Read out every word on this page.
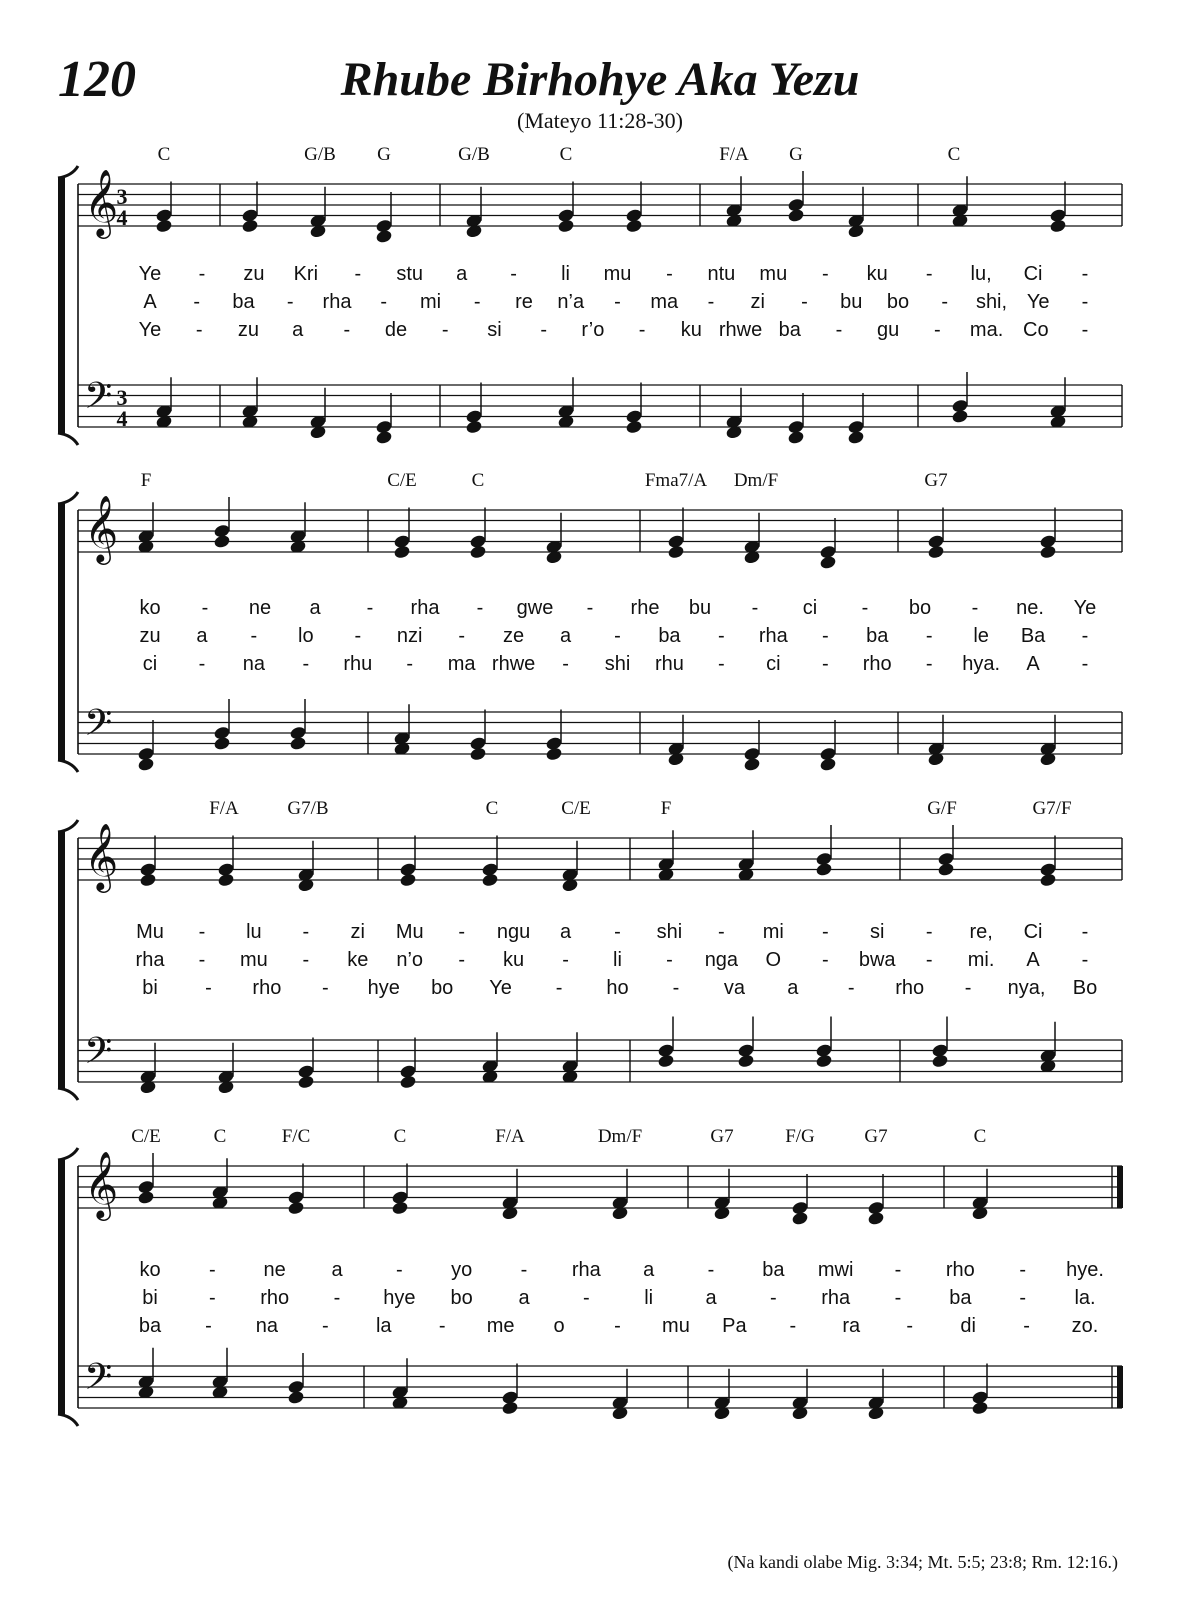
120	Rhube Birhohye Aka Yezu
(Mateyo 11:28-30)
(Na kandi olabe Mig. 3:34; Mt. 5:5; 23:8; Rm. 12:16.)
𝄞
𝄢
3
4
3
4
C	G/B G	G/B	C	F/A G	C
Ye - zu Kri - stu a - li mu - ntu mu - ku - lu, Ci -
A - ba - rha - mi - re n’a - ma - zi - bu bo - shi, Ye -
Ye - zu a - de - si - r’o - ku rhwe ba - gu - ma. Co -
𝄞
𝄢
F	C/E	C	Fma7/A Dm/F	G7
ko - ne a - rha - gwe - rhe bu - ci - bo - ne. Ye
zu a - lo - nzi - ze a - ba - rha - ba - le Ba -
ci - na - rhu - ma rhwe - shi rhu - ci - rho - hya. A -
𝄞
𝄢
F/A	G7/B	C	C/E	F	G/F	G7/F
Mu - lu - zi Mu - ngu a - shi - mi - si - re, Ci -
rha - mu - ke n’o - ku - li - nga O - bwa - mi. A -
bi - rho - hye bo Ye - ho - va a - rho - nya, Bo
𝄞
𝄢
C/E	C	F/C	C	F/A	Dm/F	G7	F/G	G7	C
ko - ne a	- yo - rha a	- ba mwi - rho - hye.
bi	- rho - hye bo a	-	li	a	- rha - ba - la.
ba - na - la - me o - mu Pa - ra - di - zo.
